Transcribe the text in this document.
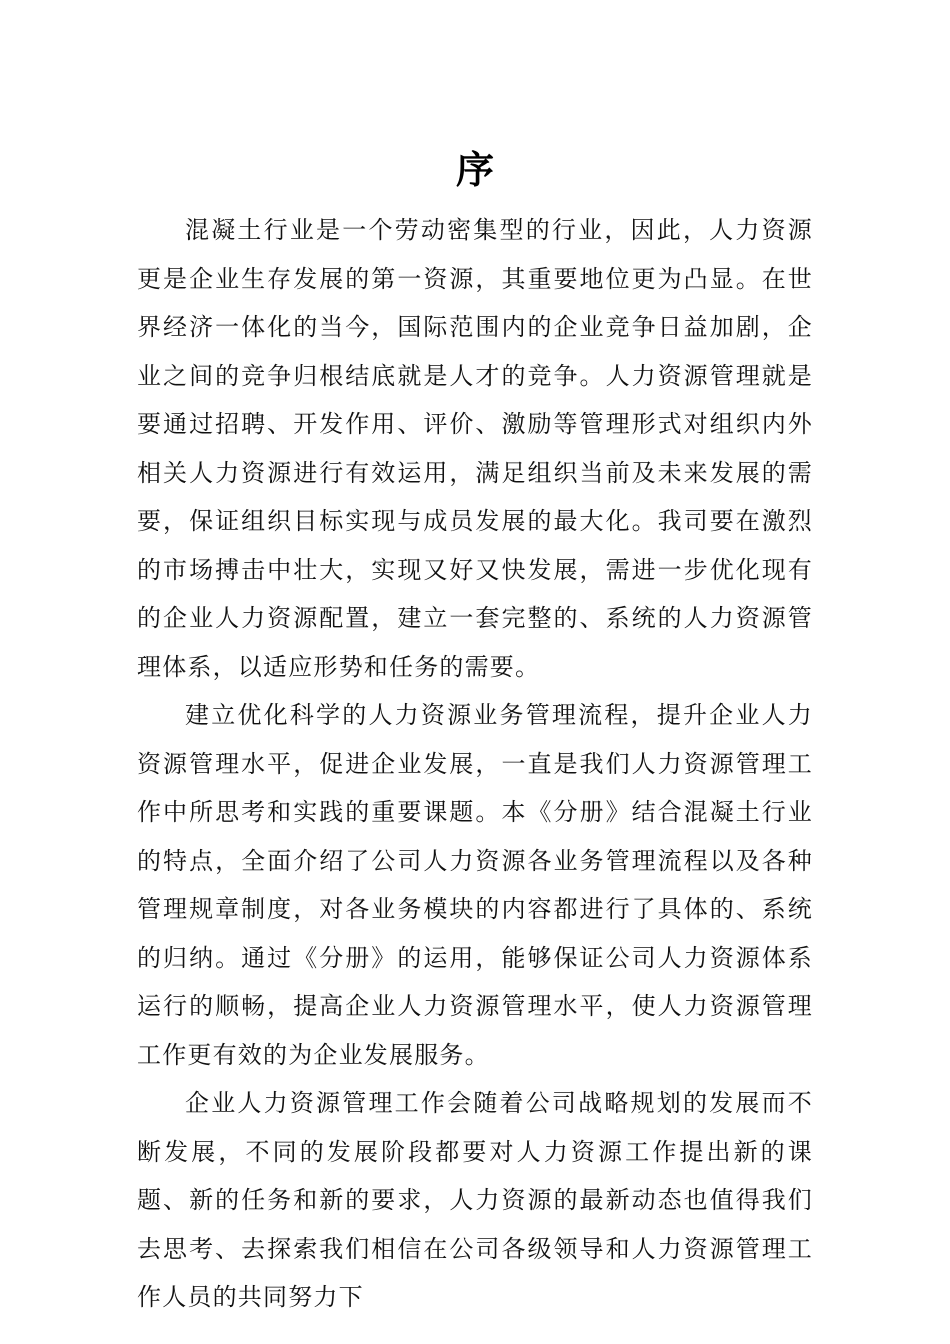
序

混凝土行业是一个劳动密集型的行业，因此，人力资源更是企业生存发展的第一资源，其重要地位更为凸显。在世界经济一体化的当今，国际范围内的企业竞争日益加剧，企业之间的竞争归根结底就是人才的竞争。人力资源管理就是要通过招聘、开发作用、评价、激励等管理形式对组织内外相关人力资源进行有效运用，满足组织当前及未来发展的需要，保证组织目标实现与成员发展的最大化。我司要在激烈的市场搏击中壮大，实现又好又快发展，需进一步优化现有的企业人力资源配置，建立一套完整的、系统的人力资源管理体系，以适应形势和任务的需要。

建立优化科学的人力资源业务管理流程，提升企业人力资源管理水平，促进企业发展，一直是我们人力资源管理工作中所思考和实践的重要课题。本《分册》结合混凝土行业的特点，全面介绍了公司人力资源各业务管理流程以及各种管理规章制度，对各业务模块的内容都进行了具体的、系统的归纳。通过《分册》的运用，能够保证公司人力资源体系运行的顺畅，提高企业人力资源管理水平，使人力资源管理工作更有效的为企业发展服务。

企业人力资源管理工作会随着公司战略规划的发展而不断发展，不同的发展阶段都要对人力资源工作提出新的课题、新的任务和新的要求，人力资源的最新动态也值得我们去思考、去探索我们相信在公司各级领导和人力资源管理工作人员的共同努力下
